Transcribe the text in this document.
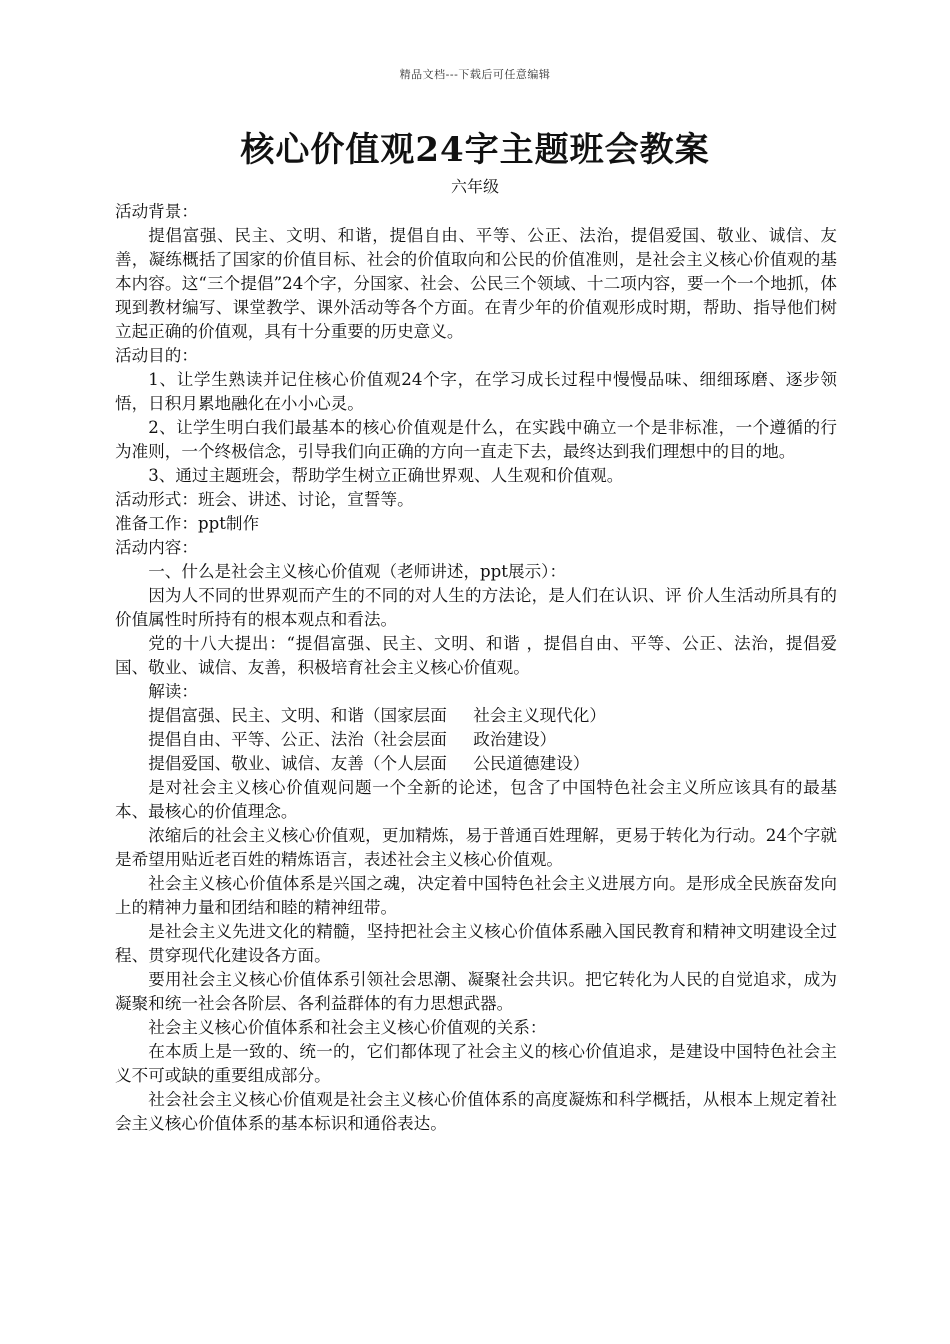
精品文档---下载后可任意编辑
核心价值观24字主题班会教案
六年级

活动背景：

提倡富强、民主、文明、和谐，提倡自由、平等、公正、法治，提倡爱国、敬业、诚信、友善，凝练概括了国家的价值目标、社会的价值取向和公民的价值准则，是社会主义核心价值观的基本内容。这“三个提倡”24个字，分国家、社会、公民三个领域、十二项内容，要一个一个地抓，体现到教材编写、课堂教学、课外活动等各个方面。在青少年的价值观形成时期，帮助、指导他们树立起正确的价值观，具有十分重要的历史意义。

活动目的：

1、让学生熟读并记住核心价值观24个字，在学习成长过程中慢慢品味、细细琢磨、逐步领悟，日积月累地融化在小小心灵。

2、让学生明白我们最基本的核心价值观是什么，在实践中确立一个是非标准，一个遵循的行为准则，一个终极信念，引导我们向正确的方向一直走下去，最终达到我们理想中的目的地。

3、通过主题班会，帮助学生树立正确世界观、人生观和价值观。

活动形式：班会、讲述、讨论，宣誓等。

准备工作：ppt制作

活动内容：

一、什么是社会主义核心价值观（老师讲述，ppt展示）：

因为人不同的世界观而产生的不同的对人生的方法论，是人们在认识、评 价人生活动所具有的价值属性时所持有的根本观点和看法。

党的十八大提出：“提倡富强、民主、文明、和谐 ，提倡自由、平等、公正、法治，提倡爱国、敬业、诚信、友善，积极培育社会主义核心价值观。

解读：

提倡富强、民主、文明、和谐（国家层面     社会主义现代化）

提倡自由、平等、公正、法治（社会层面     政治建设）

提倡爱国、敬业、诚信、友善（个人层面     公民道德建设）

是对社会主义核心价值观问题一个全新的论述，包含了中国特色社会主义所应该具有的最基本、最核心的价值理念。

浓缩后的社会主义核心价值观，更加精炼，易于普通百姓理解，更易于转化为行动。24个字就是希望用贴近老百姓的精炼语言，表述社会主义核心价值观。

社会主义核心价值体系是兴国之魂，决定着中国特色社会主义进展方向。是形成全民族奋发向上的精神力量和团结和睦的精神纽带。

是社会主义先进文化的精髓，坚持把社会主义核心价值体系融入国民教育和精神文明建设全过程、贯穿现代化建设各方面。

要用社会主义核心价值体系引领社会思潮、凝聚社会共识。把它转化为人民的自觉追求，成为凝聚和统一社会各阶层、各利益群体的有力思想武器。

社会主义核心价值体系和社会主义核心价值观的关系：

在本质上是一致的、统一的，它们都体现了社会主义的核心价值追求，是建设中国特色社会主义不可或缺的重要组成部分。

社会社会主义核心价值观是社会主义核心价值体系的高度凝炼和科学概括，从根本上规定着社会主义核心价值体系的基本标识和通俗表达。
